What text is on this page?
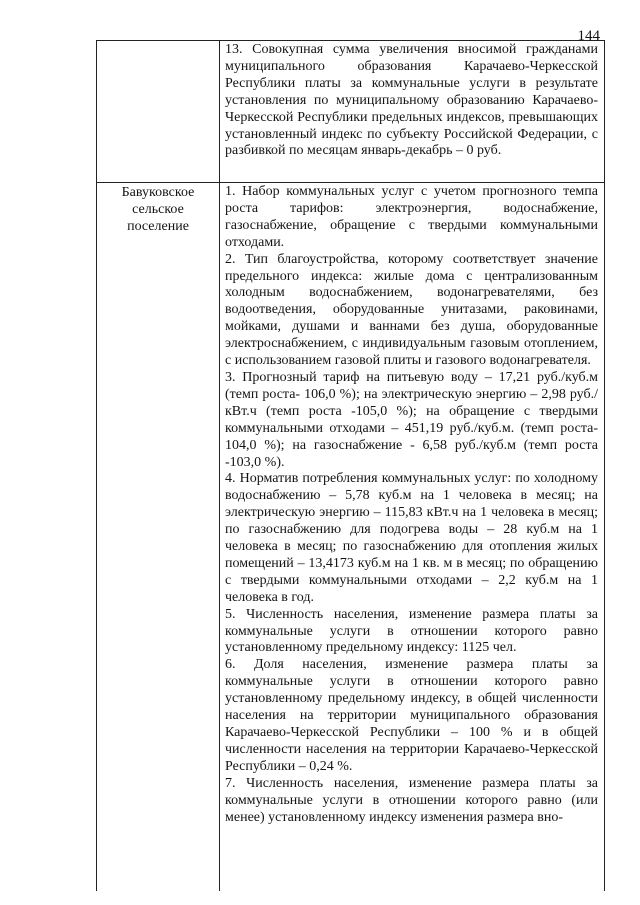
144

13. Совокупная сумма увеличения вносимой гражданами муниципального образования Карачаево-Черкесской Республики платы за коммунальные услуги в результате установления по муниципальному образованию Карачаево-Черкесской Республики предельных индексов, превышающих установленный индекс по субъекту Российской Федерации, с разбивкой по месяцам январь-декабрь – 0 руб.

Бавуковское сельское поселение

1. Набор коммунальных услуг с учетом прогнозного темпа роста тарифов: электроэнергия, водоснабжение, газоснабжение, обращение с твердыми коммунальными отходами.

2. Тип благоустройства, которому соответствует значение предельного индекса: жилые дома с централизованным холодным водоснабжением, водонагревателями, без водоотведения, оборудованные унитазами, раковинами, мойками, душами и ваннами без душа, оборудованные электроснабжением, с индивидуальным газовым отоплением, с использованием газовой плиты и газового водонагревателя.

3. Прогнозный тариф на питьевую воду – 17,21 руб./куб.м (темп роста- 106,0 %); на электрическую энергию – 2,98 руб./кВт.ч (темп роста -105,0 %); на обращение с твердыми коммунальными отходами – 451,19 руб./куб.м. (темп роста- 104,0 %); на газоснабжение - 6,58 руб./куб.м (темп роста -103,0 %).

4. Норматив потребления коммунальных услуг: по холодному водоснабжению – 5,78 куб.м на 1 человека в месяц; на электрическую энергию – 115,83 кВт.ч на 1 человека в месяц; по газоснабжению для подогрева воды – 28 куб.м на 1 человека в месяц; по газоснабжению для отопления жилых помещений – 13,4173 куб.м на 1 кв. м в месяц; по обращению с твердыми коммунальными отходами – 2,2 куб.м на 1 человека в год.

5. Численность населения, изменение размера платы за коммунальные услуги в отношении которого равно установленному предельному индексу: 1125 чел.

6. Доля населения, изменение размера платы за коммунальные услуги в отношении которого равно установленному предельному индексу, в общей численности населения на территории муниципального образования Карачаево-Черкесской Республики – 100 % и в общей численности населения на территории Карачаево-Черкесской Республики – 0,24 %.

7. Численность населения, изменение размера платы за коммунальные услуги в отношении которого равно (или менее) установленному индексу изменения размера вно-
